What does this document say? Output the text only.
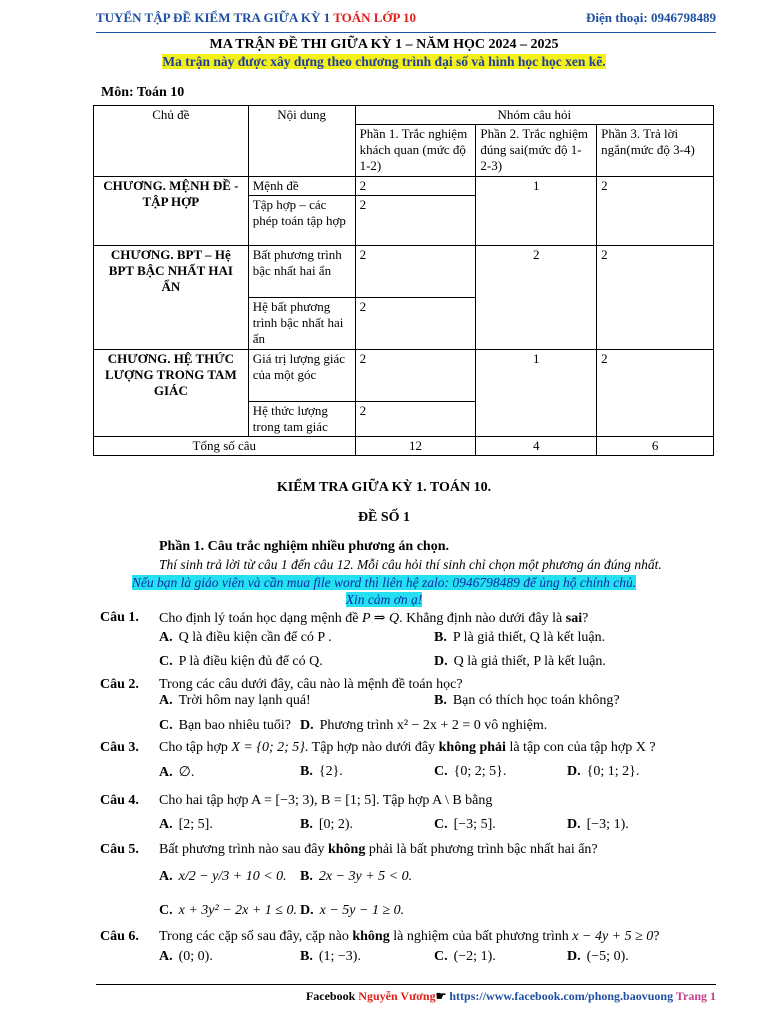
TUYỂN TẬP ĐỀ KIỂM TRA GIỮA KỲ 1 TOÁN LỚP 10	Điện thoại: 0946798489
MA TRẬN ĐỀ THI GIỮA KỲ 1 – NĂM HỌC 2024 – 2025
Ma trận này được xây dựng theo chương trình đại số và hình học học xen kẽ.
Môn: Toán 10
Chủ đề	Nội dung	Nhóm câu hỏi		
		Phần 1. Trắc nghiệm khách quan (mức độ 1-2)	Phần 2. Trắc nghiệm đúng sai(mức độ 1-2-3)	Phần 3. Trả lời ngắn(mức độ 3-4)
CHƯƠNG. MỆNH ĐỀ - TẬP HỢP	Mệnh đề	2	1	2
	Tập hợp – các phép toán tập hợp	2		
CHƯƠNG. BPT – Hệ BPT BẬC NHẤT HAI ẨN	Bất phương trình bậc nhất hai ẩn	2	2	2
	Hệ bất phương trình bậc nhất hai ẩn	2		
CHƯƠNG. HỆ THỨC LƯỢNG TRONG TAM GIÁC	Giá trị lượng giác của một góc	2	1	2
	Hệ thức lượng trong tam giác	2		
Tổng số câu		12	4	6
KIỂM TRA GIỮA KỲ 1. TOÁN 10.
ĐỀ SỐ 1
Phần 1. Câu trắc nghiệm nhiều phương án chọn.
Thí sinh trả lời từ câu 1 đến câu 12. Mỗi câu hỏi thí sinh chỉ chọn một phương án đúng nhất.
Nếu bạn là giáo viên và cần mua file word thì liên hệ zalo: 0946798489 để ủng hộ chính chủ.
Xin cảm ơn ạ!
Câu 1. Cho định lý toán học dạng mệnh đề P ⇒ Q. Khẳng định nào dưới đây là sai?
A. Q là điều kiện cần để có P .	B. P là giả thiết, Q là kết luận.
C. P là điều kiện đủ để có Q.	D. Q là giả thiết, P là kết luận.
Câu 2. Trong các câu dưới đây, câu nào là mệnh đề toán học?
A. Trời hôm nay lạnh quá!	B. Bạn có thích học toán không?
C. Bạn bao nhiêu tuổi? D. Phương trình x² − 2x + 2 = 0 vô nghiệm.
Câu 3. Cho tập hợp X = {0; 2; 5}. Tập hợp nào dưới đây không phải là tập con của tập hợp X ?
A. ∅.	B. {2}.	C. {0; 2; 5}.	D. {0; 1; 2}.
Câu 4. Cho hai tập hợp A = [−3; 3), B = [1; 5]. Tập hợp A \ B bằng
A. [2; 5].	B. [0; 2).	C. [−3; 5].	D. [−3; 1).
Câu 5. Bất phương trình nào sau đây không phải là bất phương trình bậc nhất hai ẩn?
A. x/2 − y/3 + 10 < 0. B. 2x − 3y + 5 < 0.
C. x + 3y² − 2x + 1 ≤ 0. D. x − 5y − 1 ≥ 0.
Câu 6. Trong các cặp số sau đây, cặp nào không là nghiệm của bất phương trình x − 4y + 5 ≥ 0?
A. (0; 0).	B. (1; −3).	C. (−2; 1).	D. (−5; 0).
Facebook Nguyễn Vương☛ https://www.facebook.com/phong.baovuong Trang 1
